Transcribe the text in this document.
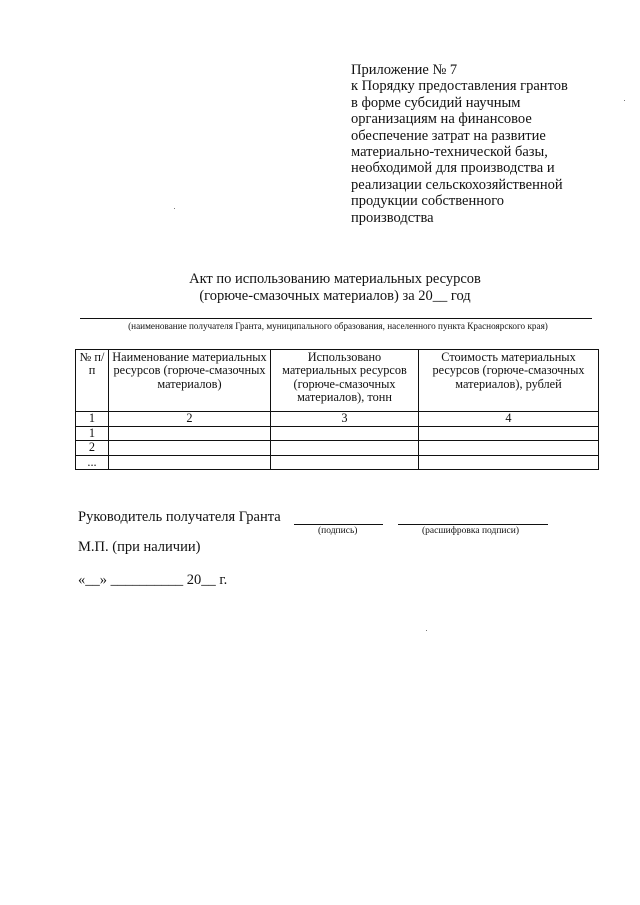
Приложение № 7
к Порядку предоставления грантов
в форме субсидий научным
организациям на финансовое
обеспечение затрат на развитие
материально-технической базы,
необходимой для производства и
реализации сельскохозяйственной
продукции собственного
производства
Акт по использованию материальных ресурсов
(горюче-смазочных материалов) за 20__ год
(наименование получателя Гранта, муниципального образования, населенного пункта Красноярского края)
№ п/п	Наименование материальных ресурсов (горюче-смазочных материалов)	Использовано материальных ресурсов (горюче-смазочных материалов), тонн	Стоимость материальных ресурсов (горюче-смазочных материалов), рублей
1	2	3	4
1			
2			
...			
Руководитель получателя Гранта
(подпись)	(расшифровка подписи)
М.П. (при наличии)
«__» __________ 20__ г.
